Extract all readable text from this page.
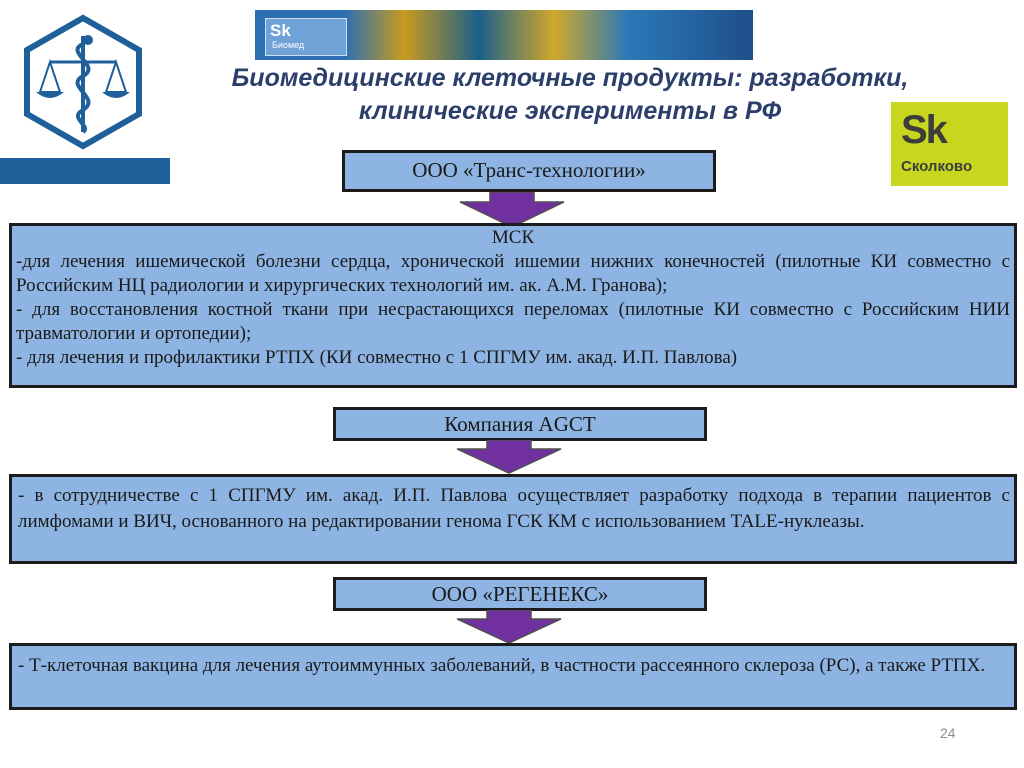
Sk
Биомед
Биомедицинские клеточные продукты: разработки,
клинические эксперименты в РФ	Sk
Сколково
ООО «Транс-технологии»
МСК
-для лечения ишемической болезни сердца, хронической ишемии нижних конечностей (пилотные КИ совместно с Российским НЦ радиологии и хирургических технологий им. ак. А.М. Гранова);
- для восстановления костной ткани при несрастающихся переломах (пилотные КИ совместно с Российским НИИ травматологии и ортопедии);
- для лечения и профилактики РТПХ (КИ совместно с 1 СПГМУ им. акад. И.П. Павлова)
Компания AGCT
- в сотрудничестве с 1 СПГМУ им. акад. И.П. Павлова осуществляет разработку подхода в терапии пациентов с лимфомами и ВИЧ, основанного на редактировании генома ГСК КМ с использованием TALE-нуклеазы.
ООО «РЕГЕНЕКС»
- Т-клеточная вакцина для лечения аутоиммунных заболеваний, в частности рассеянного склероза (РС), а также РТПХ.
24
